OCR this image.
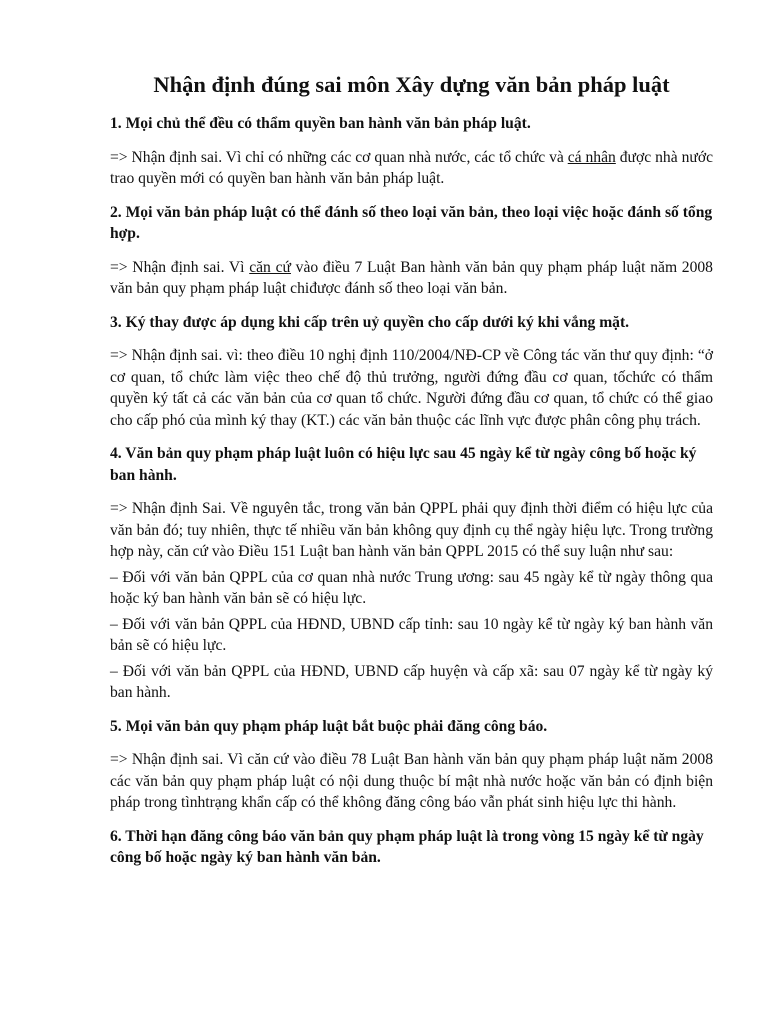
Nhận định đúng sai môn Xây dựng văn bản pháp luật

1. Mọi chủ thể đều có thẩm quyền ban hành văn bản pháp luật.

=> Nhận định sai. Vì chỉ có những các cơ quan nhà nước, các tổ chức và cá nhân được nhà nước trao quyền mới có quyền ban hành văn bản pháp luật.

2. Mọi văn bản pháp luật có thể đánh số theo loại văn bản, theo loại việc hoặc đánh số tổng hợp.

=> Nhận định sai. Vì căn cứ vào điều 7 Luật Ban hành văn bản quy phạm pháp luật năm 2008 văn bản quy phạm pháp luật chiđược đánh số theo loại văn bản.

3. Ký thay được áp dụng khi cấp trên uỷ quyền cho cấp dưới ký khi vắng mặt.

=> Nhận định sai. vì: theo điều 10 nghị định 110/2004/NĐ-CP về Công tác văn thư quy định: “ở cơ quan, tổ chức làm việc theo chế độ thủ trưởng, người đứng đầu cơ quan, tốchức có thẩm quyền ký tất cả các văn bản của cơ quan tổ chức. Người đứng đầu cơ quan, tổ chức có thể giao cho cấp phó của mình ký thay (KT.) các văn bản thuộc các lĩnh vực được phân công phụ trách.

4. Văn bản quy phạm pháp luật luôn có hiệu lực sau 45 ngày kể từ ngày công bố hoặc ký ban hành.

=> Nhận định Sai. Về nguyên tắc, trong văn bản QPPL phải quy định thời điểm có hiệu lực của văn bản đó; tuy nhiên, thực tế nhiều văn bản không quy định cụ thể ngày hiệu lực. Trong trường hợp này, căn cứ vào Điều 151 Luật ban hành văn bản QPPL 2015 có thể suy luận như sau:

– Đối với văn bản QPPL của cơ quan nhà nước Trung ương: sau 45 ngày kể từ ngày thông qua hoặc ký ban hành văn bản sẽ có hiệu lực.

– Đối với văn bản QPPL của HĐND, UBND cấp tỉnh: sau 10 ngày kể từ ngày ký ban hành văn bản sẽ có hiệu lực.

– Đối với văn bản QPPL của HĐND, UBND cấp huyện và cấp xã: sau 07 ngày kể từ ngày ký ban hành.

5. Mọi văn bản quy phạm pháp luật bắt buộc phải đăng công báo.

=> Nhận định sai. Vì căn cứ vào điều 78 Luật Ban hành văn bản quy phạm pháp luật năm 2008 các văn bản quy phạm pháp luật có nội dung thuộc bí mật nhà nước hoặc văn bản có định biện pháp trong tìnhtrạng khẩn cấp có thể không đăng công báo vẫn phát sinh hiệu lực thi hành.

6. Thời hạn đăng công báo văn bản quy phạm pháp luật là trong vòng 15 ngày kể từ ngày công bố hoặc ngày ký ban hành văn bản.
